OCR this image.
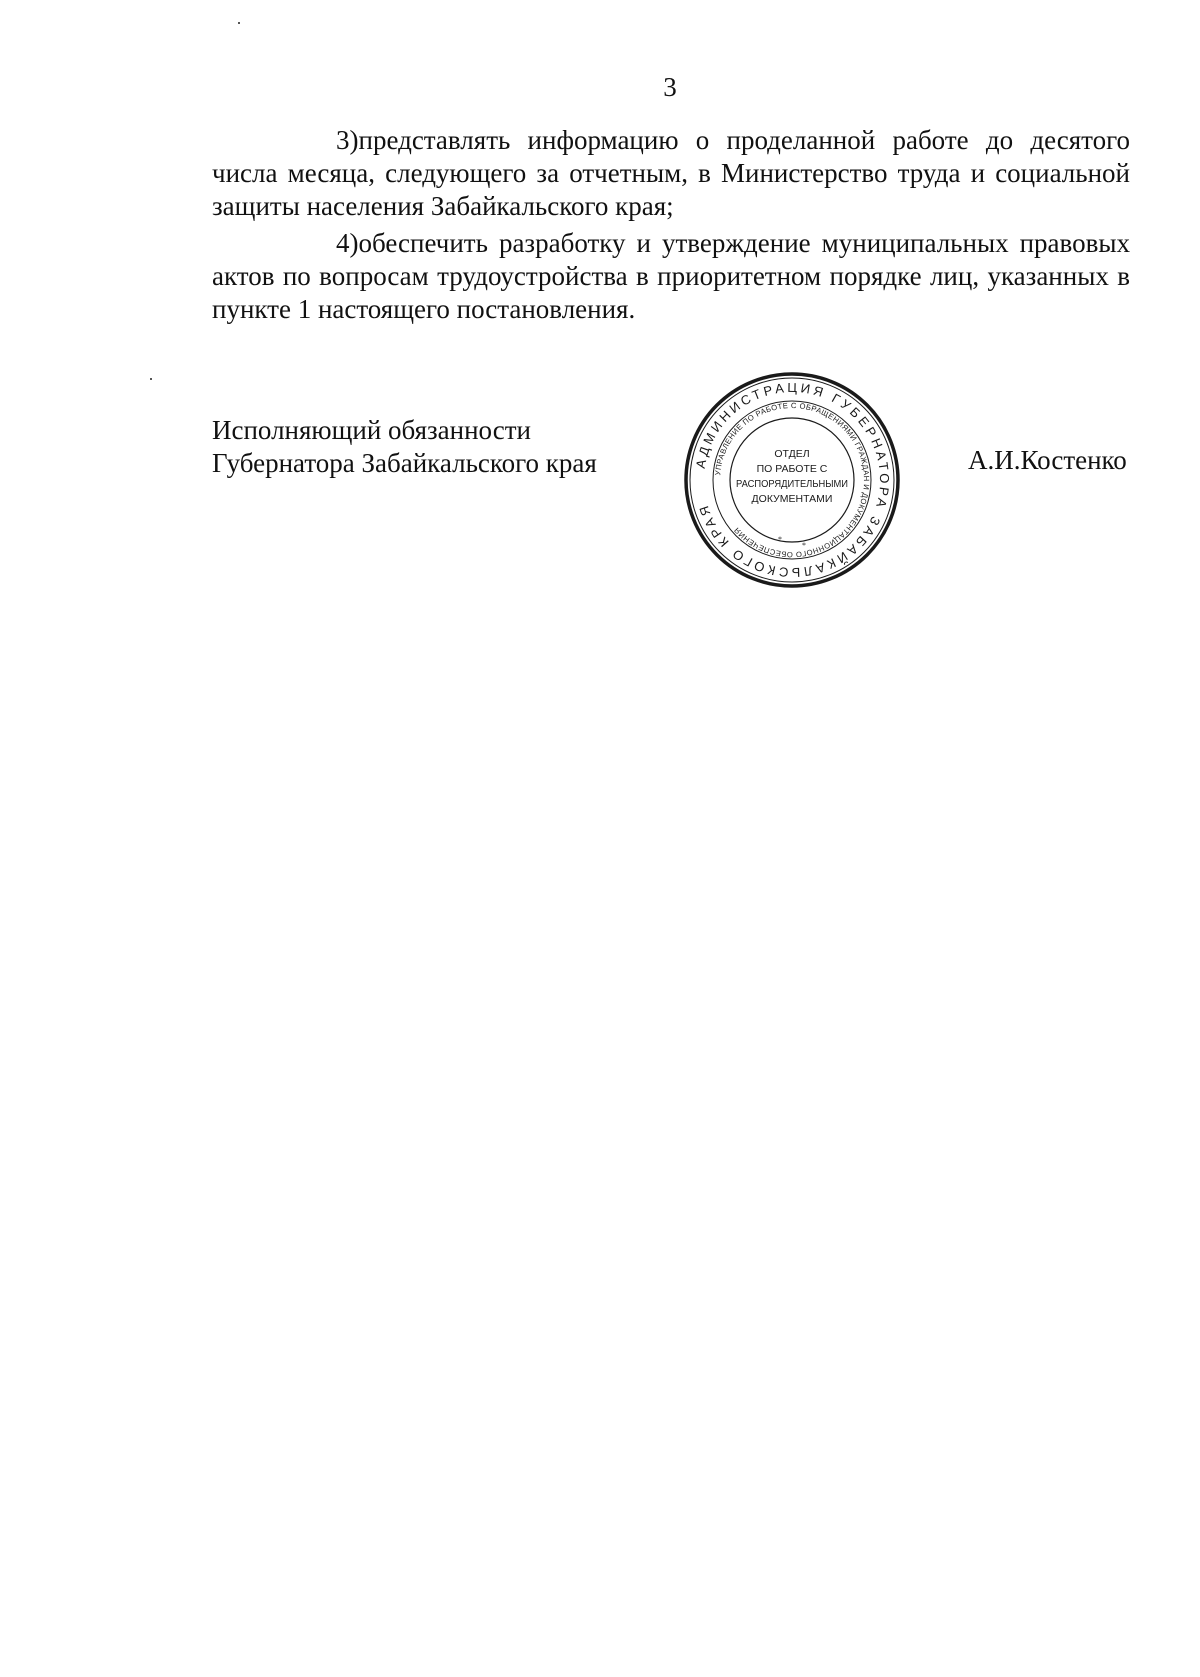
3

3)представлять информацию о проделанной работе до десятого числа месяца, следующего за отчетным, в Министерство труда и социальной защиты населения Забайкальского края;

4)обеспечить разработку и утверждение муниципальных правовых актов по вопросам трудоустройства в приоритетном порядке лиц, указанных в пункте 1 настоящего постановления.

Исполняющий обязанности
Губернатора Забайкальского края	АДМИНИСТРАЦИЯ ГУБЕРНАТОРА ЗАБАЙКАЛЬСКОГО КРАЯ
УПРАВЛЕНИЕ ПО РАБОТЕ С ОБРАЩЕНИЯМИ ГРАЖДАН И ДОКУМЕНТАЦИОННОГО ОБЕСПЕЧЕНИЯ
ОТДЕЛ
ПО РАБОТЕ С
РАСПОРЯДИТЕЛЬНЫМИ
ДОКУМЕНТАМИ
*
*
А.И.Костенко
